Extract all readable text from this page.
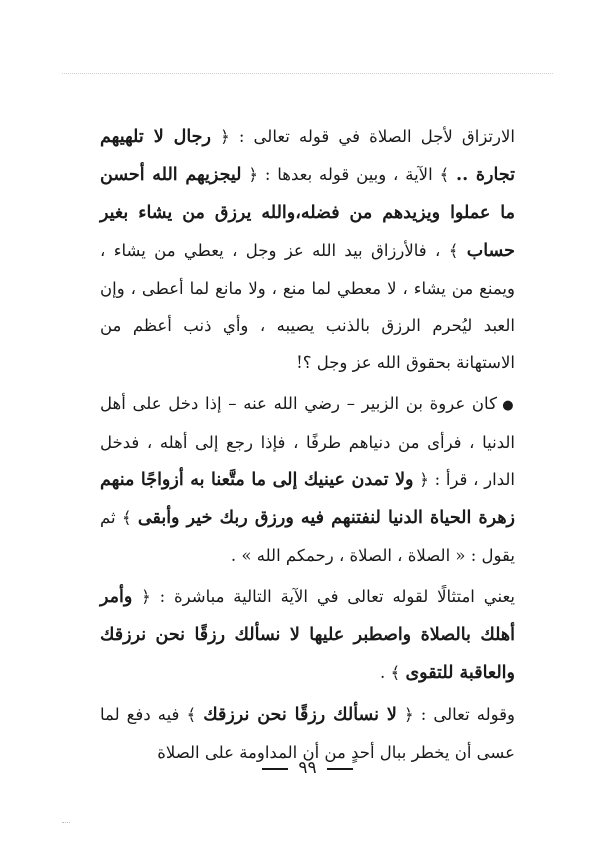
الارتزاق لأجل الصلاة في قوله تعالى : ﴿ رجال لا تلهيهم تجارة .. ﴾ الآية ، وبين قوله بعدها : ﴿ ليجزيهم الله أحسن ما عملوا ويزيدهم من فضله،والله يرزق من يشاء بغير حساب ﴾ ، فالأرزاق بيد الله عز وجل ، يعطي من يشاء ، ويمنع من يشاء ، لا معطي لما منع ، ولا مانع لما أعطى ، وإن العبد ليُحرم الرزق بالذنب يصيبه ، وأي ذنب أعظم من الاستهانة بحقوق الله عز وجل ؟!

● كان عروة بن الزبير – رضي الله عنه – إذا دخل على أهل الدنيا ، فرأى من دنياهم طرفًا ، فإذا رجع إلى أهله ، فدخل الدار ، قرأ : ﴿ ولا تمدن عينيك إلى ما متَّعنا به أزواجًا منهم زهرة الحياة الدنيا لنفتنهم فيه ورزق ربك خير وأبقى ﴾ ثم يقول : « الصلاة ، الصلاة ، رحمكم الله » .

يعني امتثالًا لقوله تعالى في الآية التالية مباشرة : ﴿ وأمر أهلك بالصلاة واصطبر عليها لا نسألك رزقًا نحن نرزقك والعاقبة للتقوى ﴾ .

وقوله تعالى : ﴿ لا نسألك رزقًا نحن نرزقك ﴾ فيه دفع لما عسى أن يخطر ببال أحدٍ من أن المداومة على الصلاة

٩٩
